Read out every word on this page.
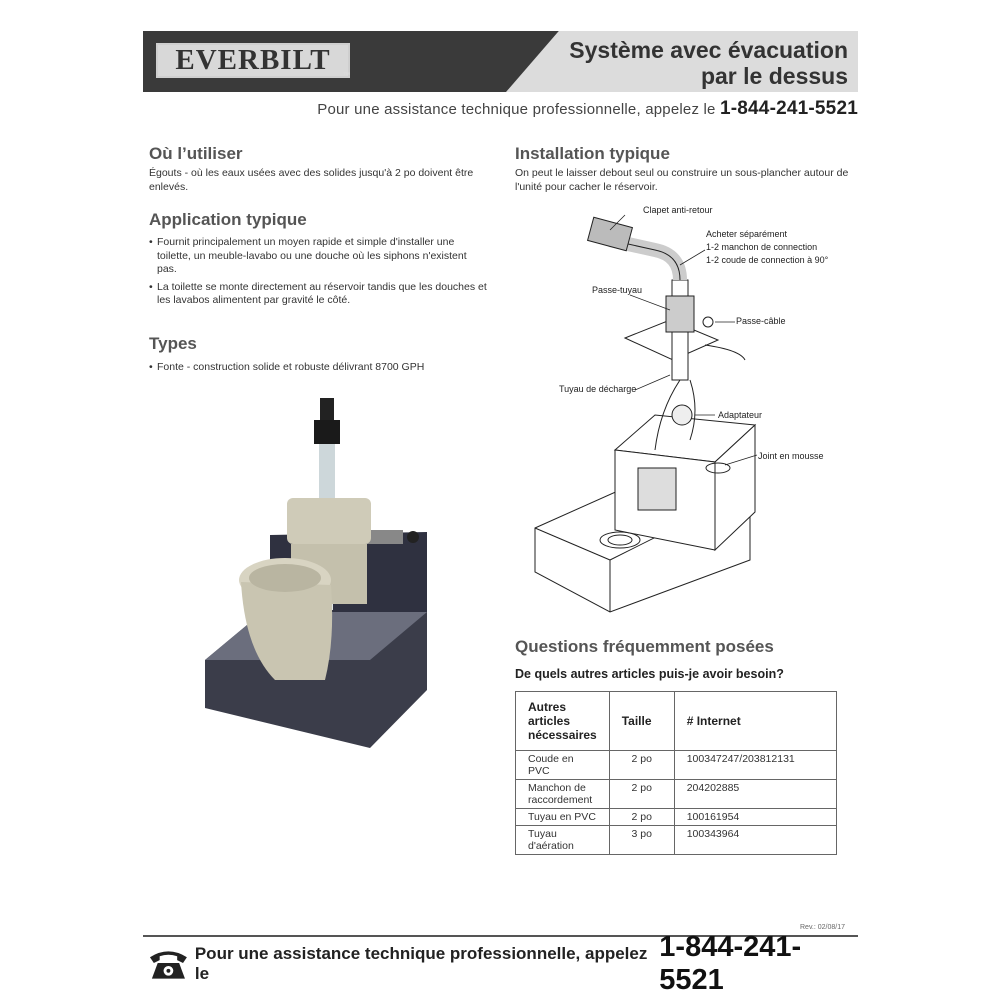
EVERBILT ™
Système avec évacuation
par le dessus
Pour une assistance technique professionnelle, appelez le 1-844-241-5521
Où l’utiliser
Égouts - où les eaux usées avec des solides jusqu'à 2 po doivent être enlevés.
Application typique
• Fournit principalement un moyen rapide et simple d'installer une toilette, un meuble-lavabo ou une douche où les siphons n'existent pas.
• La toilette se monte directement au réservoir tandis que les douches et les lavabos alimentent par gravité le côté.
Types
• Fonte - construction solide et robuste délivrant 8700 GPH
Installation typique
On peut le laisser debout seul ou construire un sous-plancher autour de l'unité pour cacher le réservoir.
Clapet anti-retour
Acheter séparément
1-2 manchon de connection
1-2 coude de connection à 90°
Passe-tuyau
Passe-câble
Tuyau de décharge
Adaptateur
Joint en mousse
Questions fréquemment posées
De quels autres articles puis-je avoir besoin?
Autres articles nécessaires	Taille	# Internet
Coude en PVC	2 po	100347247/203812131
Manchon de raccordement	2 po	204202885
Tuyau en PVC	2 po	100161954
Tuyau d'aération	3 po	100343964
Rev.: 02/08/17
Pour une assistance technique professionnelle, appelez le
1-844-241-5521
